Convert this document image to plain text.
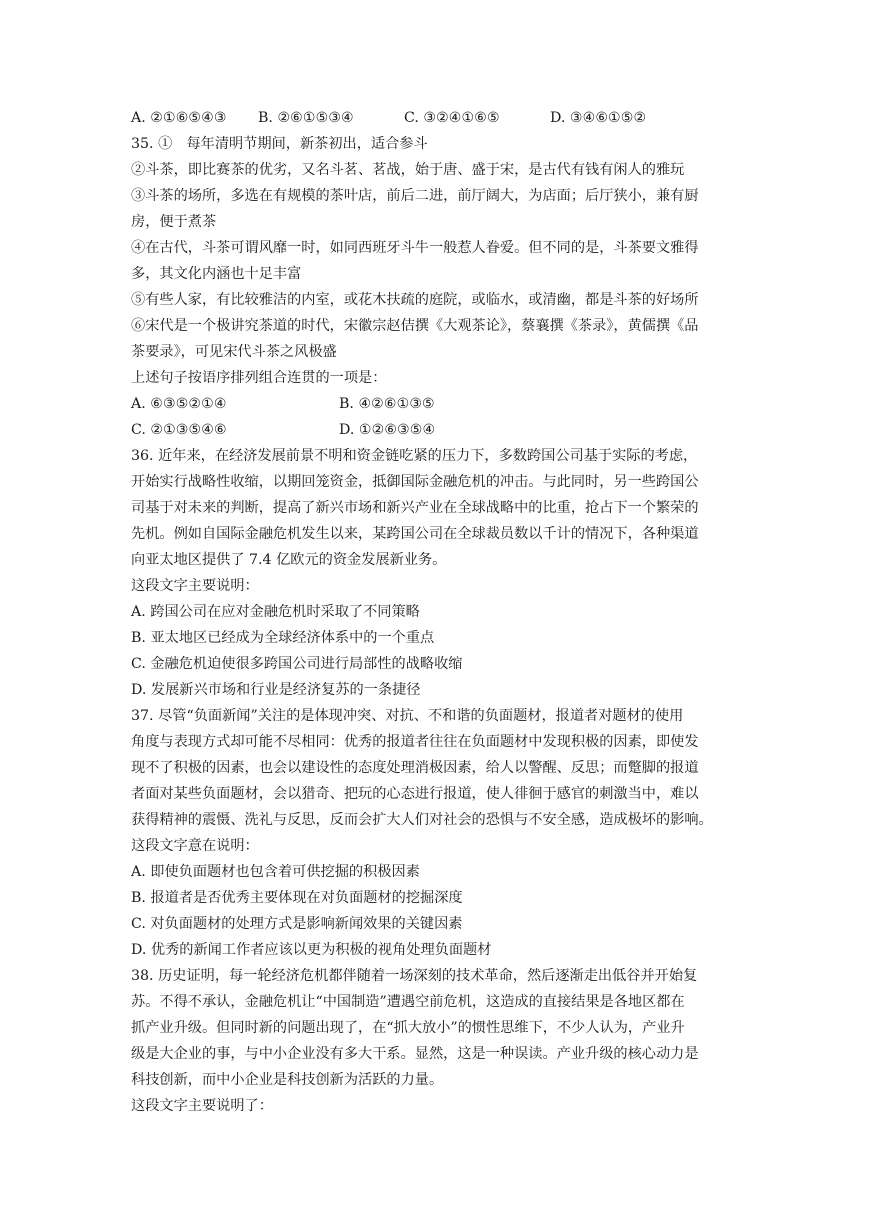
A. ②①⑥⑤④③ B. ②⑥①⑤③④	C. ③②④①⑥⑤	D. ③④⑥①⑤②
35. ①　每年清明节期间，新茶初出，适合参斗
②斗茶，即比赛茶的优劣，又名斗茗、茗战，始于唐、盛于宋，是古代有钱有闲人的雅玩
③斗茶的场所，多选在有规模的茶叶店，前后二进，前厅阔大，为店面；后厅狭小，兼有厨
房，便于煮茶
④在古代，斗茶可谓风靡一时，如同西班牙斗牛一般惹人眷爱。但不同的是，斗茶要文雅得
多，其文化内涵也十足丰富
⑤有些人家，有比较雅洁的内室，或花木扶疏的庭院，或临水，或清幽，都是斗茶的好场所
⑥宋代是一个极讲究茶道的时代，宋徽宗赵佶撰《大观茶论》，蔡襄撰《茶录》，黄儒撰《品
茶要录》，可见宋代斗茶之风极盛
上述句子按语序排列组合连贯的一项是：
A. ⑥③⑤②①④	B. ④②⑥①③⑤
C. ②①③⑤④⑥	D. ①②⑥③⑤④
36. 近年来，在经济发展前景不明和资金链吃紧的压力下，多数跨国公司基于实际的考虑，
开始实行战略性收缩，以期回笼资金，抵御国际金融危机的冲击。与此同时，另一些跨国公
司基于对未来的判断，提高了新兴市场和新兴产业在全球战略中的比重，抢占下一个繁荣的
先机。例如自国际金融危机发生以来，某跨国公司在全球裁员数以千计的情况下，各种渠道
向亚太地区提供了 7.4 亿欧元的资金发展新业务。
这段文字主要说明：
A. 跨国公司在应对金融危机时采取了不同策略
B. 亚太地区已经成为全球经济体系中的一个重点
C. 金融危机迫使很多跨国公司进行局部性的战略收缩
D. 发展新兴市场和行业是经济复苏的一条捷径
37. 尽管“负面新闻”关注的是体现冲突、对抗、不和谐的负面题材，报道者对题材的使用
角度与表现方式却可能不尽相同：优秀的报道者往往在负面题材中发现积极的因素，即使发
现不了积极的因素，也会以建设性的态度处理消极因素，给人以警醒、反思；而蹩脚的报道
者面对某些负面题材，会以猎奇、把玩的心态进行报道，使人徘徊于感官的刺激当中，难以
获得精神的震慑、洗礼与反思，反而会扩大人们对社会的恐惧与不安全感，造成极坏的影响。
这段文字意在说明：
A. 即使负面题材也包含着可供挖掘的积极因素
B. 报道者是否优秀主要体现在对负面题材的挖掘深度
C. 对负面题材的处理方式是影响新闻效果的关键因素
D. 优秀的新闻工作者应该以更为积极的视角处理负面题材
38. 历史证明，每一轮经济危机都伴随着一场深刻的技术革命，然后逐渐走出低谷并开始复
苏。不得不承认，金融危机让“中国制造”遭遇空前危机，这造成的直接结果是各地区都在
抓产业升级。但同时新的问题出现了，在“抓大放小”的惯性思维下，不少人认为，产业升
级是大企业的事，与中小企业没有多大干系。显然，这是一种误读。产业升级的核心动力是
科技创新，而中小企业是科技创新为活跃的力量。
这段文字主要说明了：
